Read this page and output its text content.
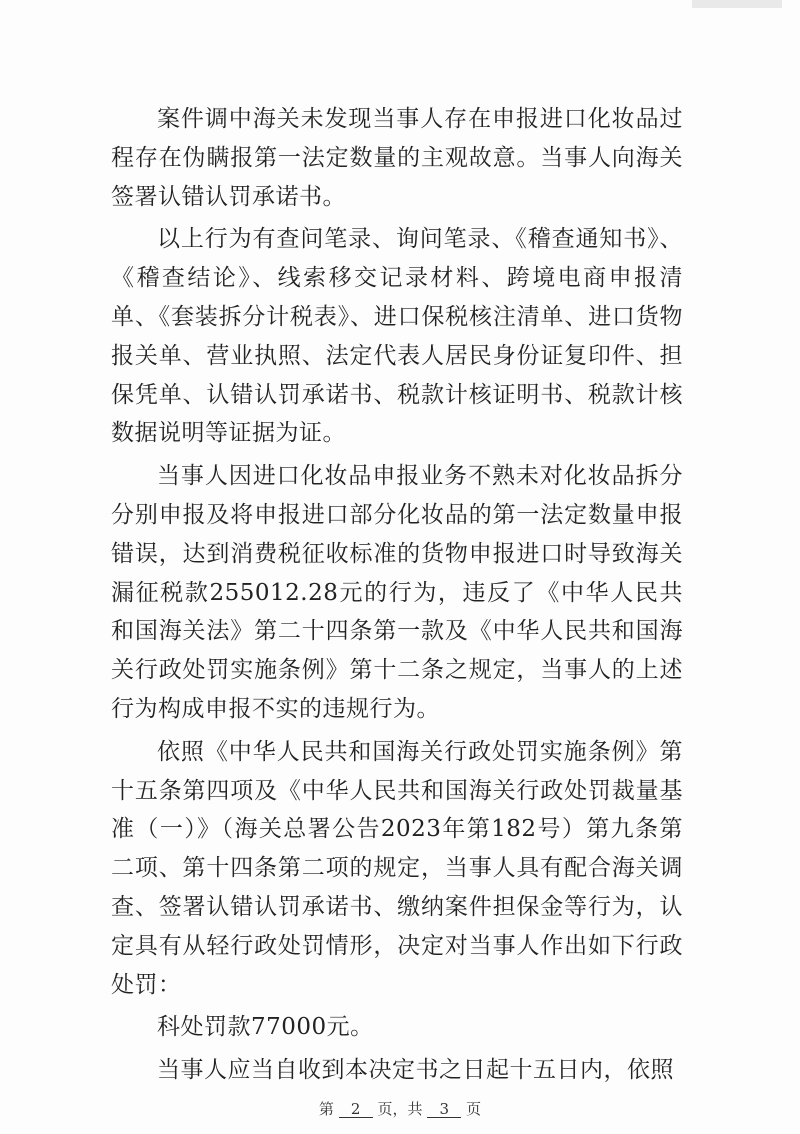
案件调中海关未发现当事人存在申报进口化妆品过程存在伪瞒报第一法定数量的主观故意。当事人向海关签署认错认罚承诺书。

以上行为有查问笔录、询问笔录、《稽查通知书》、《稽查结论》、线索移交记录材料、跨境电商申报清单、《套装拆分计税表》、进口保税核注清单、进口货物报关单、营业执照、法定代表人居民身份证复印件、担保凭单、认错认罚承诺书、税款计核证明书、税款计核数据说明等证据为证。

当事人因进口化妆品申报业务不熟未对化妆品拆分分别申报及将申报进口部分化妆品的第一法定数量申报错误，达到消费税征收标准的货物申报进口时导致海关漏征税款255012.28元的行为，违反了《中华人民共和国海关法》第二十四条第一款及《中华人民共和国海关行政处罚实施条例》第十二条之规定，当事人的上述行为构成申报不实的违规行为。

依照《中华人民共和国海关行政处罚实施条例》第十五条第四项及《中华人民共和国海关行政处罚裁量基准（一）》（海关总署公告2023年第182号）第九条第二项、第十四条第二项的规定，当事人具有配合海关调查、签署认错认罚承诺书、缴纳案件担保金等行为，认定具有从轻行政处罚情形，决定对当事人作出如下行政处罚：

科处罚款77000元。

当事人应当自收到本决定书之日起十五日内，依照

第 2 页，共 3 页
